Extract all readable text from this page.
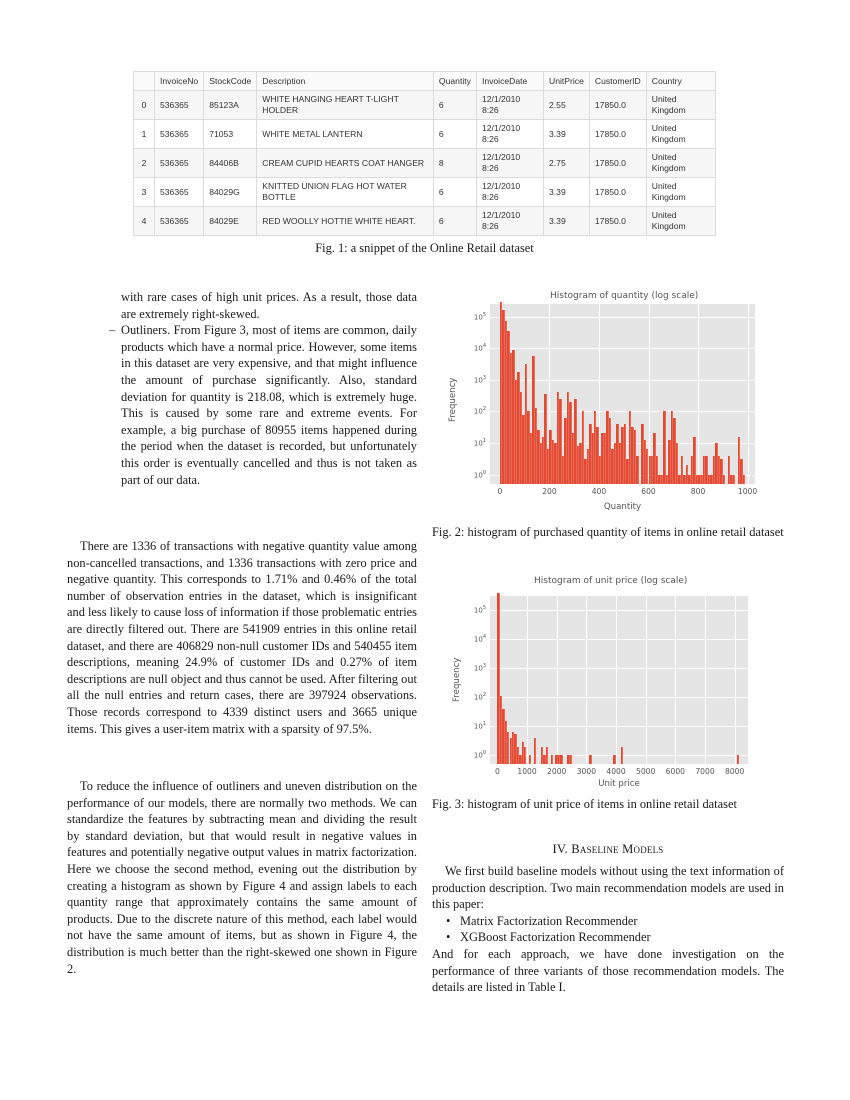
	InvoiceNo	StockCode	Description	Quantity	InvoiceDate	UnitPrice	CustomerID	Country
0	536365	85123A	WHITE HANGING HEART T-LIGHT HOLDER	6	12/1/2010 8:26	2.55	17850.0	United Kingdom
1	536365	71053	WHITE METAL LANTERN	6	12/1/2010 8:26	3.39	17850.0	United Kingdom
2	536365	84406B	CREAM CUPID HEARTS COAT HANGER	8	12/1/2010 8:26	2.75	17850.0	United Kingdom
3	536365	84029G	KNITTED UNION FLAG HOT WATER BOTTLE	6	12/1/2010 8:26	3.39	17850.0	United Kingdom
4	536365	84029E	RED WOOLLY HOTTIE WHITE HEART.	6	12/1/2010 8:26	3.39	17850.0	United Kingdom
Fig. 1: a snippet of the Online Retail dataset

with rare cases of high unit prices. As a result, those data are extremely right-skewed.

– Outliners. From Figure 3, most of items are common, daily products which have a normal price. However, some items in this dataset are very expensive, and that might influence the amount of purchase significantly. Also, standard deviation for quantity is 218.08, which is extremely huge. This is caused by some rare and extreme events. For example, a big purchase of 80955 items happened during the period when the dataset is recorded, but unfortunately this order is eventually cancelled and thus is not taken as part of our data.

There are 1336 of transactions with negative quantity value among non-cancelled transactions, and 1336 transactions with zero price and negative quantity. This corresponds to 1.71% and 0.46% of the total number of observation entries in the dataset, which is insignificant and less likely to cause loss of information if those problematic entries are directly filtered out. There are 541909 entries in this online retail dataset, and there are 406829 non-null customer IDs and 540455 item descriptions, meaning 24.9% of customer IDs and 0.27% of item descriptions are null object and thus cannot be used. After filtering out all the null entries and return cases, there are 397924 observations. Those records correspond to 4339 distinct users and 3665 unique items. This gives a user-item matrix with a sparsity of 97.5%.

To reduce the influence of outliners and uneven distribution on the performance of our models, there are normally two methods. We can standardize the features by subtracting mean and dividing the result by standard deviation, but that would result in negative values in features and potentially negative output values in matrix factorization. Here we choose the second method, evening out the distribution by creating a histogram as shown by Figure 4 and assign labels to each quantity range that approximately contains the same amount of products. Due to the discrete nature of this method, each label would not have the same amount of items, but as shown in Figure 4, the distribution is much better than the right-skewed one shown in Figure 2.

Histogram of quantity (log scale)
Frequency
Quantity
$10^0$
$10^1$
$10^2$
$10^3$
$10^4$
$10^5$
0	200	400	600	800	1000
Fig. 2: histogram of purchased quantity of items in online retail dataset
Histogram of unit price (log scale)
Frequency
Unit price
$10^0$
$10^1$
$10^2$
$10^3$
$10^4$
$10^5$
0	1000	2000	3000	4000	5000	6000	7000	8000
Fig. 3: histogram of unit price of items in online retail dataset
IV. Baseline Models

We first build baseline models without using the text information of production description. Two main recommendation models are used in this paper:

• Matrix Factorization Recommender
• XGBoost Factorization Recommender

And for each approach, we have done investigation on the performance of three variants of those recommendation models. The details are listed in Table I.
